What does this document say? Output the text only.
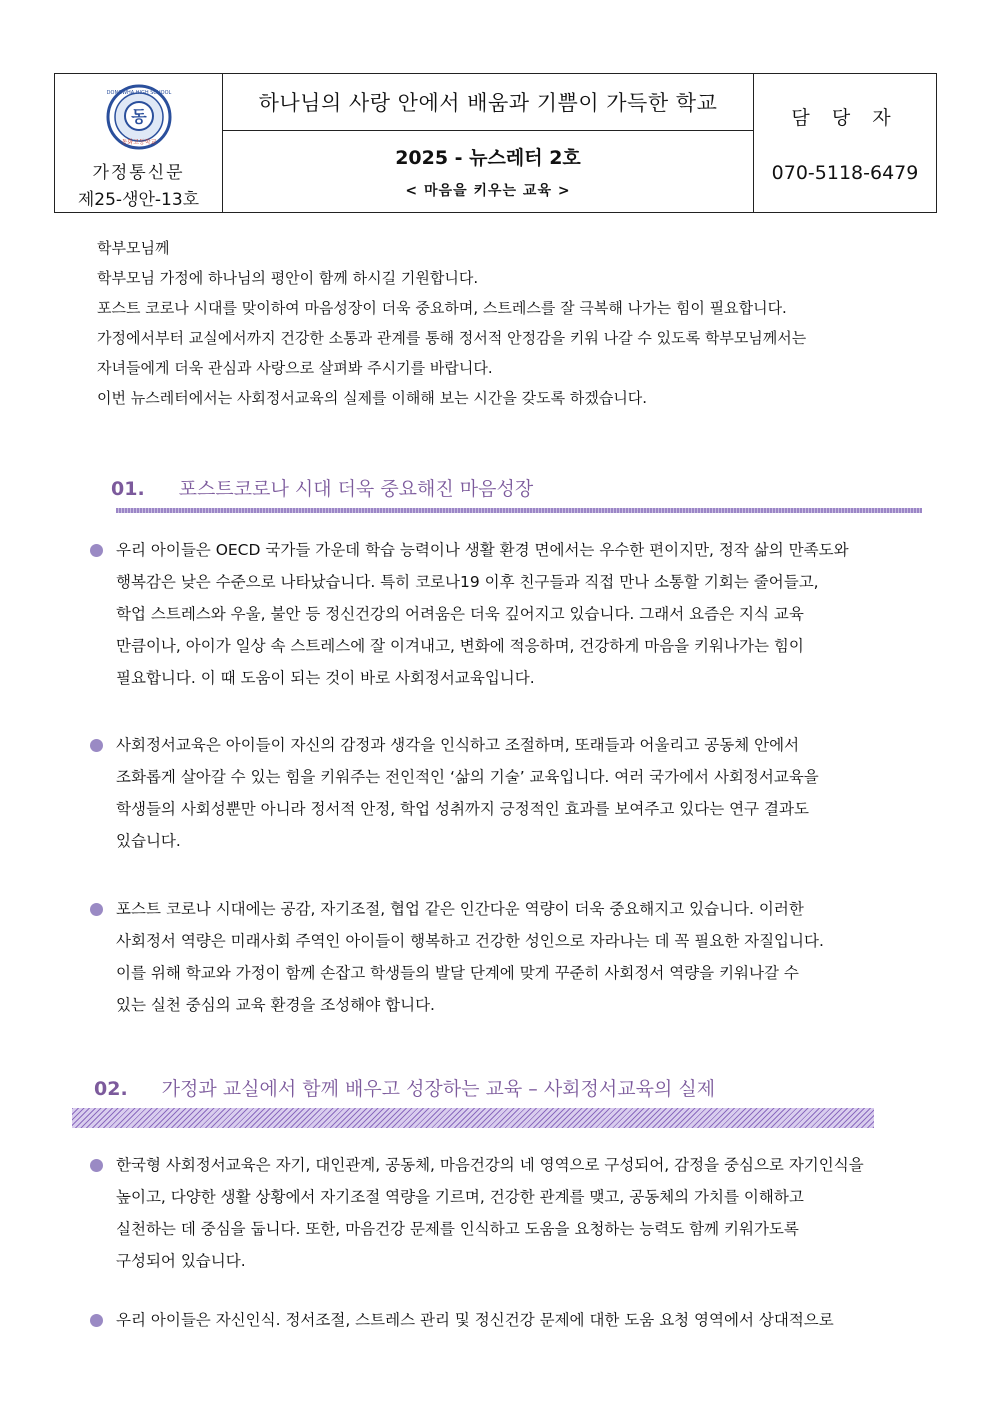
동
DONGWHA HIGH SCHOOL
동화고등학교
가정통신문
제25-생안-13호
하나님의 사랑 안에서 배움과 기쁨이 가득한 학교
2025 - 뉴스레터 2호
< 마음을 키우는 교육 >
담 당 자
070-5118-6479

학부모님께

학부모님 가정에 하나님의 평안이 함께 하시길 기원합니다.

포스트 코로나 시대를 맞이하여 마음성장이 더욱 중요하며, 스트레스를 잘 극복해 나가는 힘이 필요합니다.

가정에서부터 교실에서까지 건강한 소통과 관계를 통해 정서적 안정감을 키워 나갈 수 있도록 학부모님께서는

자녀들에게 더욱 관심과 사랑으로 살펴봐 주시기를 바랍니다.

이번 뉴스레터에서는 사회정서교육의 실제를 이해해 보는 시간을 갖도록 하겠습니다.

01. 포스트코로나 시대 더욱 중요해진 마음성장
우리 아이들은 OECD 국가들 가운데 학습 능력이나 생활 환경 면에서는 우수한 편이지만, 정작 삶의 만족도와
행복감은 낮은 수준으로 나타났습니다. 특히 코로나19 이후 친구들과 직접 만나 소통할 기회는 줄어들고,
학업 스트레스와 우울, 불안 등 정신건강의 어려움은 더욱 깊어지고 있습니다. 그래서 요즘은 지식 교육
만큼이나, 아이가 일상 속 스트레스에 잘 이겨내고, 변화에 적응하며, 건강하게 마음을 키워나가는 힘이
필요합니다. 이 때 도움이 되는 것이 바로 사회정서교육입니다.
사회정서교육은 아이들이 자신의 감정과 생각을 인식하고 조절하며, 또래들과 어울리고 공동체 안에서
조화롭게 살아갈 수 있는 힘을 키워주는 전인적인 ‘삶의 기술’ 교육입니다. 여러 국가에서 사회정서교육을
학생들의 사회성뿐만 아니라 정서적 안정, 학업 성취까지 긍정적인 효과를 보여주고 있다는 연구 결과도
있습니다.
포스트 코로나 시대에는 공감, 자기조절, 협업 같은 인간다운 역량이 더욱 중요해지고 있습니다. 이러한
사회정서 역량은 미래사회 주역인 아이들이 행복하고 건강한 성인으로 자라나는 데 꼭 필요한 자질입니다.
이를 위해 학교와 가정이 함께 손잡고 학생들의 발달 단계에 맞게 꾸준히 사회정서 역량을 키워나갈 수
있는 실천 중심의 교육 환경을 조성해야 합니다.
02. 가정과 교실에서 함께 배우고 성장하는 교육 – 사회정서교육의 실제
한국형 사회정서교육은 자기, 대인관계, 공동체, 마음건강의 네 영역으로 구성되어, 감정을 중심으로 자기인식을
높이고, 다양한 생활 상황에서 자기조절 역량을 기르며, 건강한 관계를 맺고, 공동체의 가치를 이해하고
실천하는 데 중심을 둡니다. 또한, 마음건강 문제를 인식하고 도움을 요청하는 능력도 함께 키워가도록
구성되어 있습니다.
우리 아이들은 자신인식. 정서조절, 스트레스 관리 및 정신건강 문제에 대한 도움 요청 영역에서 상대적으로
